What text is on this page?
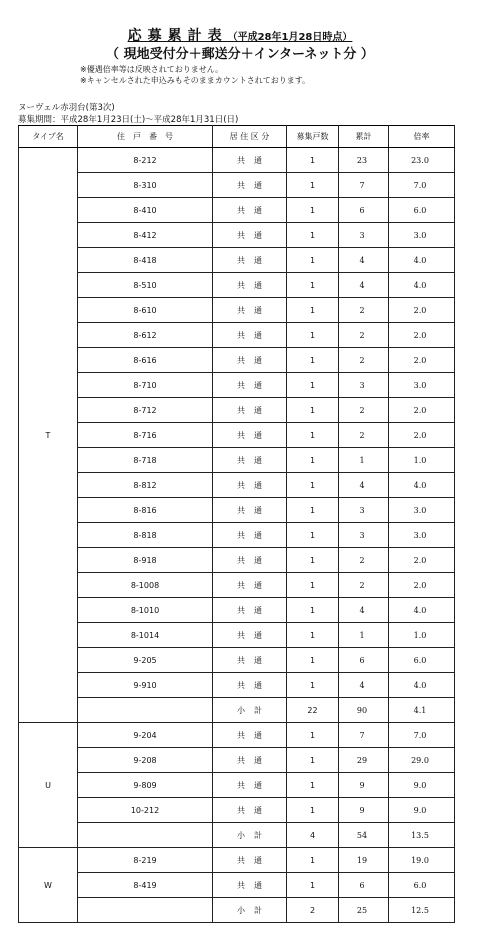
応募累計表（平成28年1月28日時点）
（ 現地受付分＋郵送分＋インターネット分 ）
※優遇倍率等は反映されておりません。
※キャンセルされた申込みもそのままカウントされております。
ヌーヴェル赤羽台(第3次)
募集期間：平成28年1月23日(土)～平成28年1月31日(日)
タイプ名	住　戸　番　号	居 住 区 分	募集戸数	累計	倍率
T	8-212	共通	1	23	23.0
	8-310	共通	1	7	7.0
	8-410	共通	1	6	6.0
	8-412	共通	1	3	3.0
	8-418	共通	1	4	4.0
	8-510	共通	1	4	4.0
	8-610	共通	1	2	2.0
	8-612	共通	1	2	2.0
	8-616	共通	1	2	2.0
	8-710	共通	1	3	3.0
	8-712	共通	1	2	2.0
	8-716	共通	1	2	2.0
	8-718	共通	1	1	1.0
	8-812	共通	1	4	4.0
	8-816	共通	1	3	3.0
	8-818	共通	1	3	3.0
	8-918	共通	1	2	2.0
	8-1008	共通	1	2	2.0
	8-1010	共通	1	4	4.0
	8-1014	共通	1	1	1.0
	9-205	共通	1	6	6.0
	9-910	共通	1	4	4.0
		小計	22	90	4.1
U	9-204	共通	1	7	7.0
	9-208	共通	1	29	29.0
	9-809	共通	1	9	9.0
	10-212	共通	1	9	9.0
		小計	4	54	13.5
W	8-219	共通	1	19	19.0
	8-419	共通	1	6	6.0
		小計	2	25	12.5
